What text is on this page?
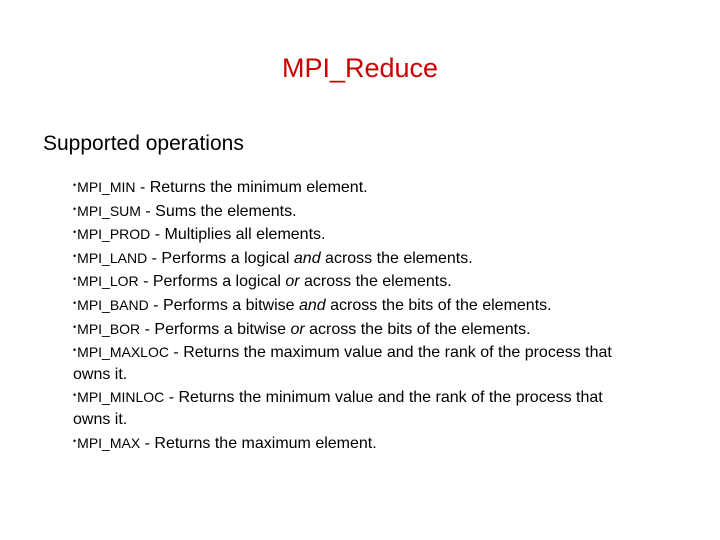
MPI_Reduce
Supported operations
•MPI_MIN - Returns the minimum element.
•MPI_SUM - Sums the elements.
•MPI_PROD - Multiplies all elements.
•MPI_LAND - Performs a logical and across the elements.
•MPI_LOR - Performs a logical or across the elements.
•MPI_BAND - Performs a bitwise and across the bits of the elements.
•MPI_BOR - Performs a bitwise or across the bits of the elements.
•MPI_MAXLOC - Returns the maximum value and the rank of the process that owns it.
•MPI_MINLOC - Returns the minimum value and the rank of the process that owns it.
•MPI_MAX - Returns the maximum element.
